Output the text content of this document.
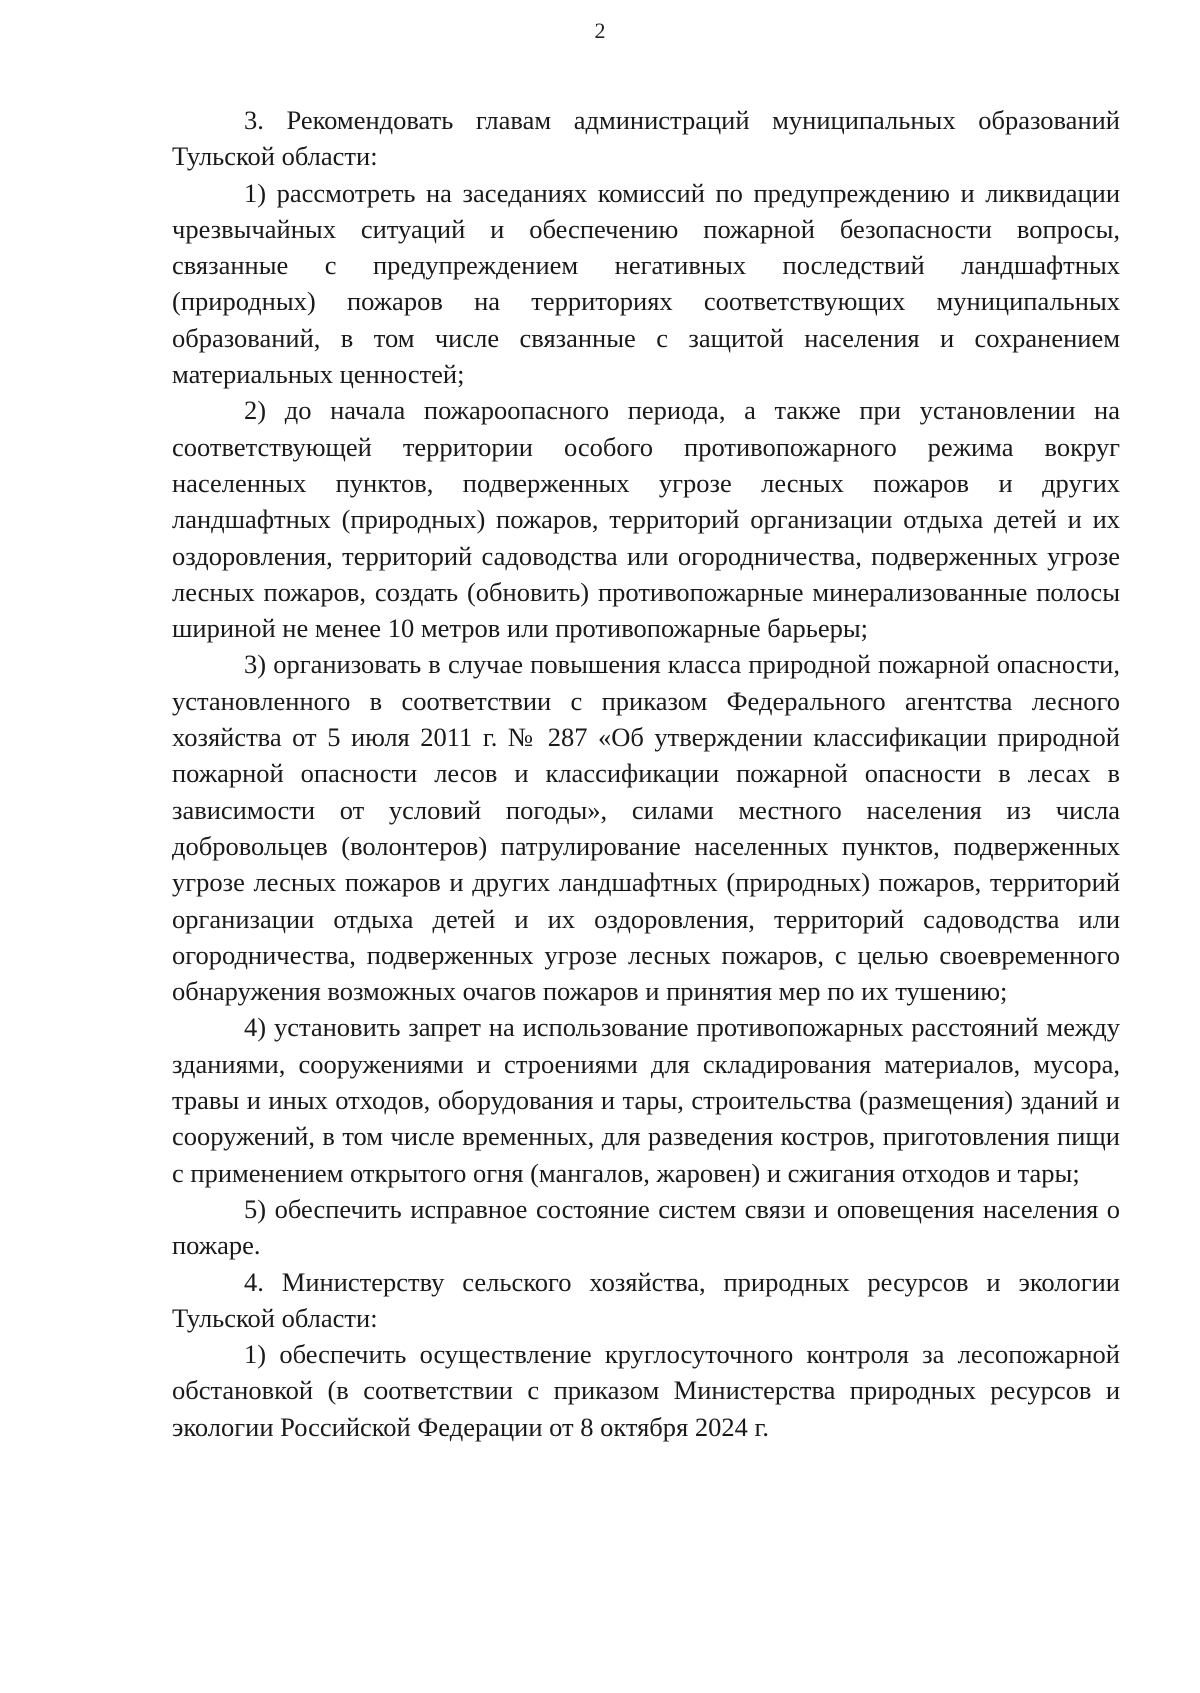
2

3. Рекомендовать главам администраций муниципальных образований Тульской области:

1) рассмотреть на заседаниях комиссий по предупреждению и ликвидации чрезвычайных ситуаций и обеспечению пожарной безопасности вопросы, связанные с предупреждением негативных последствий ландшафтных (природных) пожаров на территориях соответствующих муниципальных образований, в том числе связанные с защитой населения и сохранением материальных ценностей;

2) до начала пожароопасного периода, а также при установлении на соответствующей территории особого противопожарного режима вокруг населенных пунктов, подверженных угрозе лесных пожаров и других ландшафтных (природных) пожаров, территорий организации отдыха детей и их оздоровления, территорий садоводства или огородничества, подверженных угрозе лесных пожаров, создать (обновить) противопожарные минерализованные полосы шириной не менее 10 метров или противопожарные барьеры;

3) организовать в случае повышения класса природной пожарной опасности, установленного в соответствии с приказом Федерального агентства лесного хозяйства от 5 июля 2011 г. № 287 «Об утверждении классификации природной пожарной опасности лесов и классификации пожарной опасности в лесах в зависимости от условий погоды», силами местного населения из числа добровольцев (волонтеров) патрулирование населенных пунктов, подверженных угрозе лесных пожаров и других ландшафтных (природных) пожаров, территорий организации отдыха детей и их оздоровления, территорий садоводства или огородничества, подверженных угрозе лесных пожаров, с целью своевременного обнаружения возможных очагов пожаров и принятия мер по их тушению;

4) установить запрет на использование противопожарных расстояний между зданиями, сооружениями и строениями для складирования материалов, мусора, травы и иных отходов, оборудования и тары, строительства (размещения) зданий и сооружений, в том числе временных, для разведения костров, приготовления пищи с применением открытого огня (мангалов, жаровен) и сжигания отходов и тары;

5) обеспечить исправное состояние систем связи и оповещения населения о пожаре.

4. Министерству сельского хозяйства, природных ресурсов и экологии Тульской области:

1) обеспечить осуществление круглосуточного контроля за лесопожарной обстановкой (в соответствии с приказом Министерства природных ресурсов и экологии Российской Федерации от 8 октября 2024 г.
